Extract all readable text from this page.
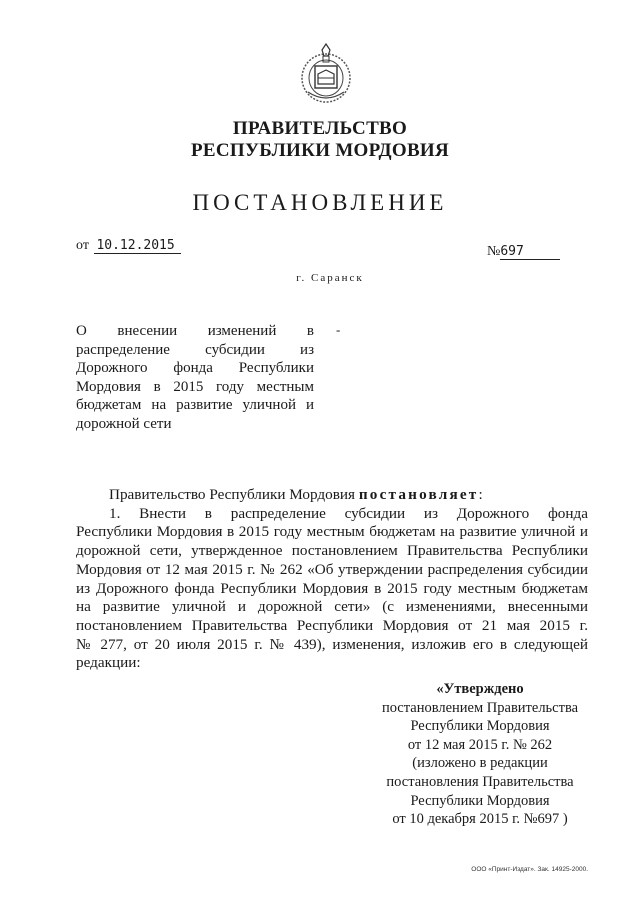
ПРАВИТЕЛЬСТВО
РЕСПУБЛИКИ МОРДОВИЯ
ПОСТАНОВЛЕНИЕ
от 10.12.2015	№697
г. Саранск
О внесении изменений в
распределение субсидии из
Дорожного фонда Республики
Мордовия в 2015 году местным
бюджетам на развитие уличной и
дорожной сети
-
Правительство Республики Мордовия постановляет:
1. Внести в распределение субсидии из Дорожного фонда
Республики Мордовия в 2015 году местным бюджетам на развитие уличной и
дорожной сети, утвержденное постановлением Правительства Республики
Мордовия от 12 мая 2015 г. № 262 «Об утверждении распределения субсидии
из Дорожного фонда Республики Мордовия в 2015 году местным бюджетам
на развитие уличной и дорожной сети» (с изменениями, внесенными
постановлением Правительства Республики Мордовия от 21 мая 2015 г.
№ 277, от 20 июля 2015 г. № 439), изменения, изложив его в следующей
редакции:
«Утверждено
постановлением Правительства
Республики Мордовия
от 12 мая 2015 г. № 262
(изложено в редакции
постановления Правительства
Республики Мордовия
от 10 декабря 2015 г. №697 )
ООО «Принт-Издат». Зак. 14925-2000.
